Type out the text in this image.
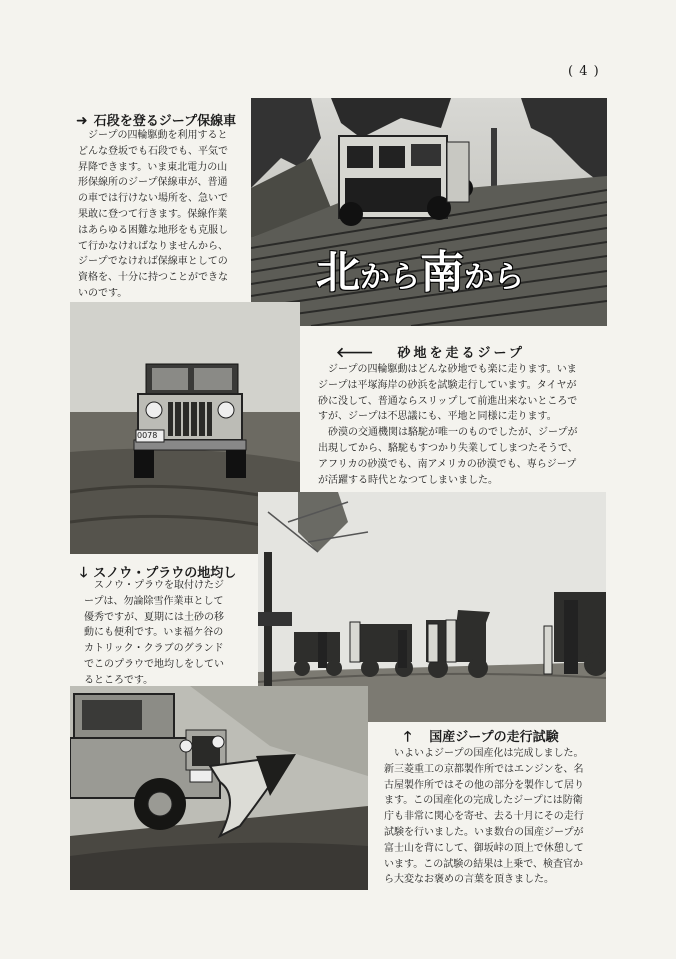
( 4 )
➜ 石段を登るジープ保線車

ジープの四輪駆動を利用すると

どんな登坂でも石段でも、平気で

昇降できます。いま東北電力の山

形保線所のジープ保線車が、普通

の車では行けない場所を、急いで

果敢に登つて行きます。保線作業

はあらゆる困難な地形をも克服し

て行かなければなりませんから、

ジープでなければ保線車としての

資格を、十分に持つことができな

いのです。	北から南から
0078
🡐 砂地を走るジープ

ジープの四輪駆動はどんな砂地でも楽に走ります。いま

ジープは平塚海岸の砂浜を試験走行しています。タイヤが

砂に没して、普通ならスリップして前進出来ないところで

すが、ジープは不思議にも、平地と同様に走ります。

砂漠の交通機関は駱駝が唯一のものでしたが、ジープが

出現してから、駱駝もすつかり失業してしまつたそうで、

アフリカの砂漠でも、南アメリカの砂漠でも、専らジープ

が活躍する時代となつてしまいました。

🡓 スノウ・プラウの地均し

スノウ・プラウを取付けたジ

ープは、勿論除雪作業車として

優秀ですが、夏期には土砂の移

動にも便利です。いま福ケ谷の

カトリック・クラブのグランド

でこのプラウで地均しをしてい

るところです。

🡑 国産ジープの走行試験

いよいよジープの国産化は完成しました。

新三菱重工の京都製作所ではエンジンを、名

古屋製作所ではその他の部分を製作して居り

ます。この国産化の完成したジープには防衛

庁も非常に関心を寄せ、去る十月にその走行

試験を行いました。いま数台の国産ジープが

富士山を背にして、御坂峠の頂上で休憩して

います。この試験の結果は上乗で、検査官か

ら大変なお褒めの言葉を頂きました。
